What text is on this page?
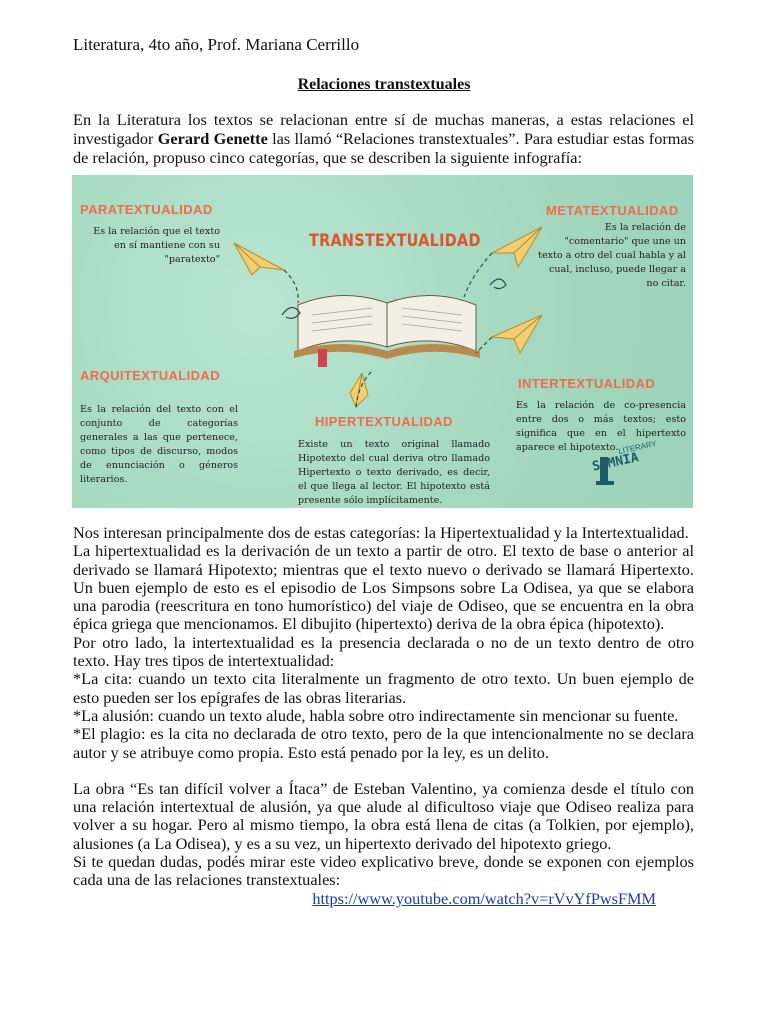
Literatura, 4to año, Prof. Mariana Cerrillo
Relaciones transtextuales
En la Literatura los textos se relacionan entre sí de muchas maneras, a estas relaciones el investigador Gerard Genette las llamó “Relaciones transtextuales”. Para estudiar estas formas de relación, propuso cinco categorías, que se describen la siguiente infografía:
TRANSTEXTUALIDAD
PARATEXTUALIDAD
Es la relación que el texto en sí mantiene con su "paratexto"
METATEXTUALIDAD
Es la relación de "comentario" que une un texto a otro del cual habla y al cual, incluso, puede llegar a no citar.
ARQUITEXTUALIDAD
Es la relación del texto con el conjunto de categorías generales a las que pertenece, como tipos de discurso, modos de enunciación o géneros literarios.
INTERTEXTUALIDAD
Es la relación de co-presencia entre dos o más textos; esto significa que en el hipertexto aparece el hipotexto.
HIPERTEXTUALIDAD
Existe un texto original llamado Hipotexto del cual deriva otro llamado Hipertexto o texto derivado, es decir, el que llega al lector. El hipotexto está presente sólo implícitamente.
LITERARY
SOMNIA

Nos interesan principalmente dos de estas categorías: la Hipertextualidad y la Intertextualidad.

La hipertextualidad es la derivación de un texto a partir de otro. El texto de base o anterior al derivado se llamará Hipotexto; mientras que el texto nuevo o derivado se llamará Hipertexto. Un buen ejemplo de esto es el episodio de Los Simpsons sobre La Odisea, ya que se elabora una parodia (reescritura en tono humorístico) del viaje de Odiseo, que se encuentra en la obra épica griega que mencionamos. El dibujito (hipertexto) deriva de la obra épica (hipotexto).

Por otro lado, la intertextualidad es la presencia declarada o no de un texto dentro de otro texto. Hay tres tipos de intertextualidad:

*La cita: cuando un texto cita literalmente un fragmento de otro texto. Un buen ejemplo de esto pueden ser los epígrafes de las obras literarias.

*La alusión: cuando un texto alude, habla sobre otro indirectamente sin mencionar su fuente.

*El plagio: es la cita no declarada de otro texto, pero de la que intencionalmente no se declara autor y se atribuye como propia. Esto está penado por la ley, es un delito.

La obra “Es tan difícil volver a Ítaca” de Esteban Valentino, ya comienza desde el título con una relación intertextual de alusión, ya que alude al dificultoso viaje que Odiseo realiza para volver a su hogar. Pero al mismo tiempo, la obra está llena de citas (a Tolkien, por ejemplo), alusiones (a La Odisea), y es a su vez, un hipertexto derivado del hipotexto griego.

Si te quedan dudas, podés mirar este video explicativo breve, donde se exponen con ejemplos cada una de las relaciones transtextuales:

https://www.youtube.com/watch?v=rVvYfPwsFMM
